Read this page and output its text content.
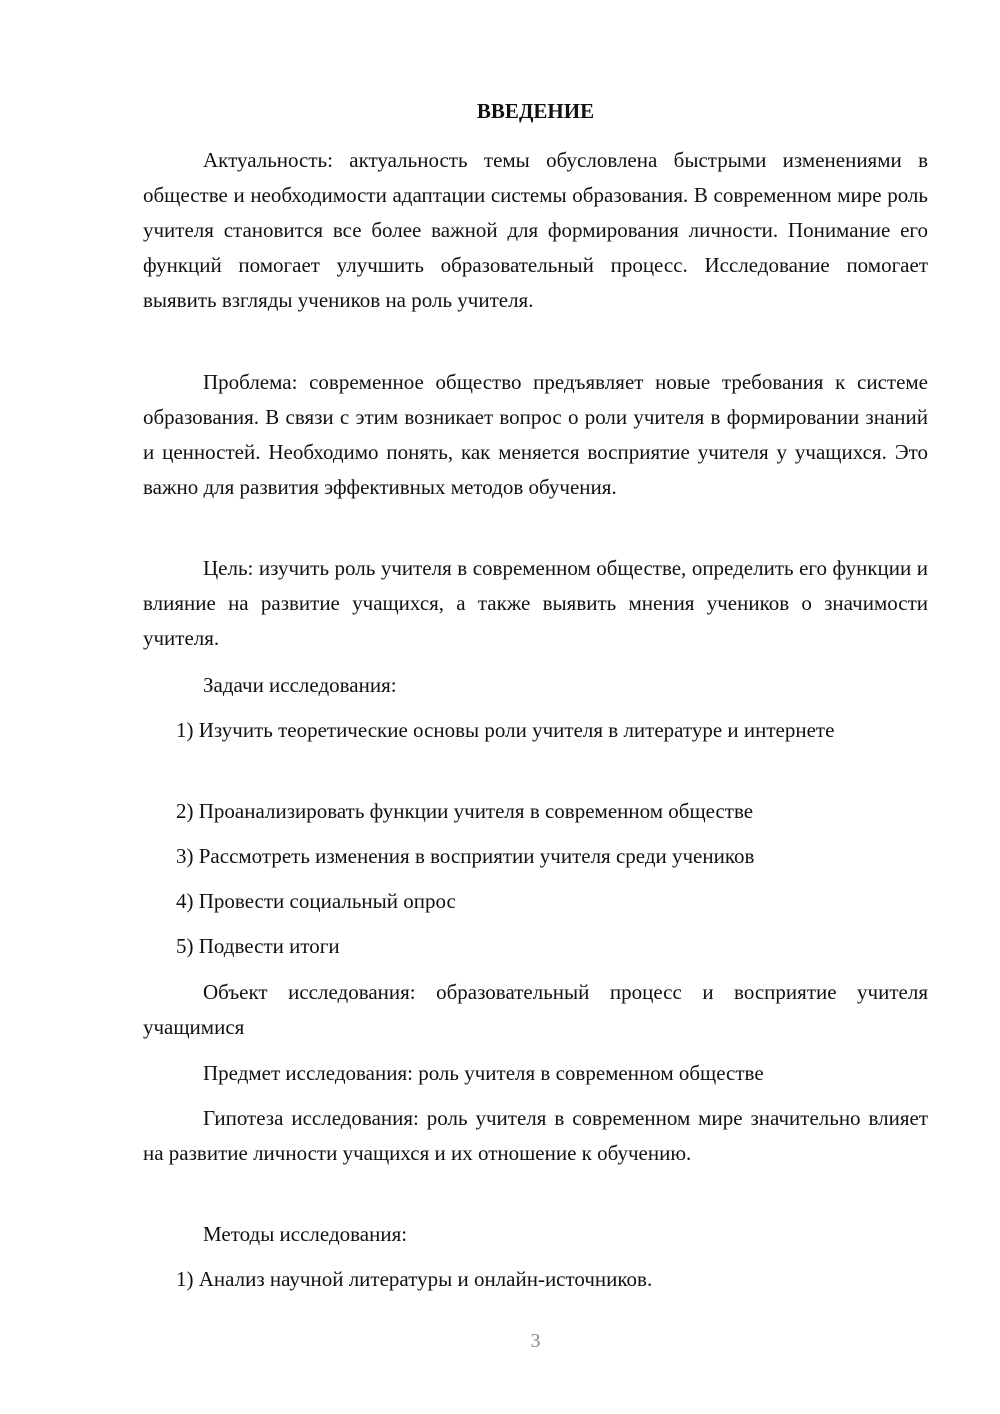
ВВЕДЕНИЕ

Актуальность: актуальность темы обусловлена быстрыми изменениями в обществе и необходимости адаптации системы образования. В современном мире роль учителя становится все более важной для формирования личности. Понимание его функций помогает улучшить образовательный процесс. Исследование помогает выявить взгляды учеников на роль учителя.

Проблема: современное общество предъявляет новые требования к системе образования. В связи с этим возникает вопрос о роли учителя в формировании знаний и ценностей. Необходимо понять, как меняется восприятие учителя у учащихся. Это важно для развития эффективных методов обучения.

Цель: изучить роль учителя в современном обществе, определить его функции и влияние на развитие учащихся, а также выявить мнения учеников о значимости учителя.

Задачи исследования:

1) Изучить теоретические основы роли учителя в литературе и интернете

2) Проанализировать функции учителя в современном обществе

3) Рассмотреть изменения в восприятии учителя среди учеников

4) Провести социальный опрос

5) Подвести итоги

Объект исследования: образовательный процесс и восприятие учителя учащимися

Предмет исследования: роль учителя в современном обществе

Гипотеза исследования: роль учителя в современном мире значительно влияет на развитие личности учащихся и их отношение к обучению.

Методы исследования:

1) Анализ научной литературы и онлайн-источников.

3
